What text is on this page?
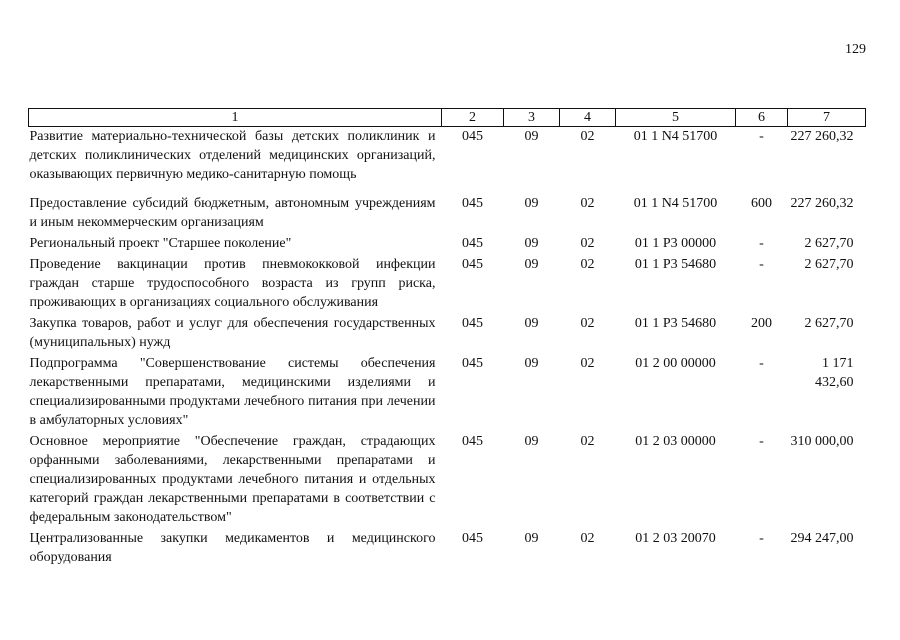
129
1	2	3	4	5	6	7
Развитие материально-технической базы детских поликлиник и детских поликлинических отделений медицинских организаций, оказывающих первичную медико-санитарную помощь	045	09	02	01 1 N4 51700	-	227 260,32
Предоставление субсидий бюджетным, автономным учреждениям и иным некоммерческим организациям	045	09	02	01 1 N4 51700	600	227 260,32
Региональный проект "Старшее поколение"	045	09	02	01 1 P3 00000	-	2 627,70
Проведение вакцинации против пневмококковой инфекции граждан старше трудоспособного возраста из групп риска, проживающих в организациях социального обслуживания	045	09	02	01 1 P3 54680	-	2 627,70
Закупка товаров, работ и услуг для обеспечения государственных (муниципальных) нужд	045	09	02	01 1 P3 54680	200	2 627,70
Подпрограмма "Совершенствование системы обеспечения лекарственными препаратами, медицинскими изделиями и специализированными продуктами лечебного питания при лечении в амбулаторных условиях"	045	09	02	01 2 00 00000	-	1 171 432,60
Основное мероприятие "Обеспечение граждан, страдающих орфанными заболеваниями, лекарственными препаратами и специализированных продуктами лечебного питания и отдельных категорий граждан лекарственными препаратами в соответствии с федеральным законодательством"	045	09	02	01 2 03 00000	-	310 000,00
Централизованные закупки медикаментов и медицинского оборудования	045	09	02	01 2 03 20070	-	294 247,00
